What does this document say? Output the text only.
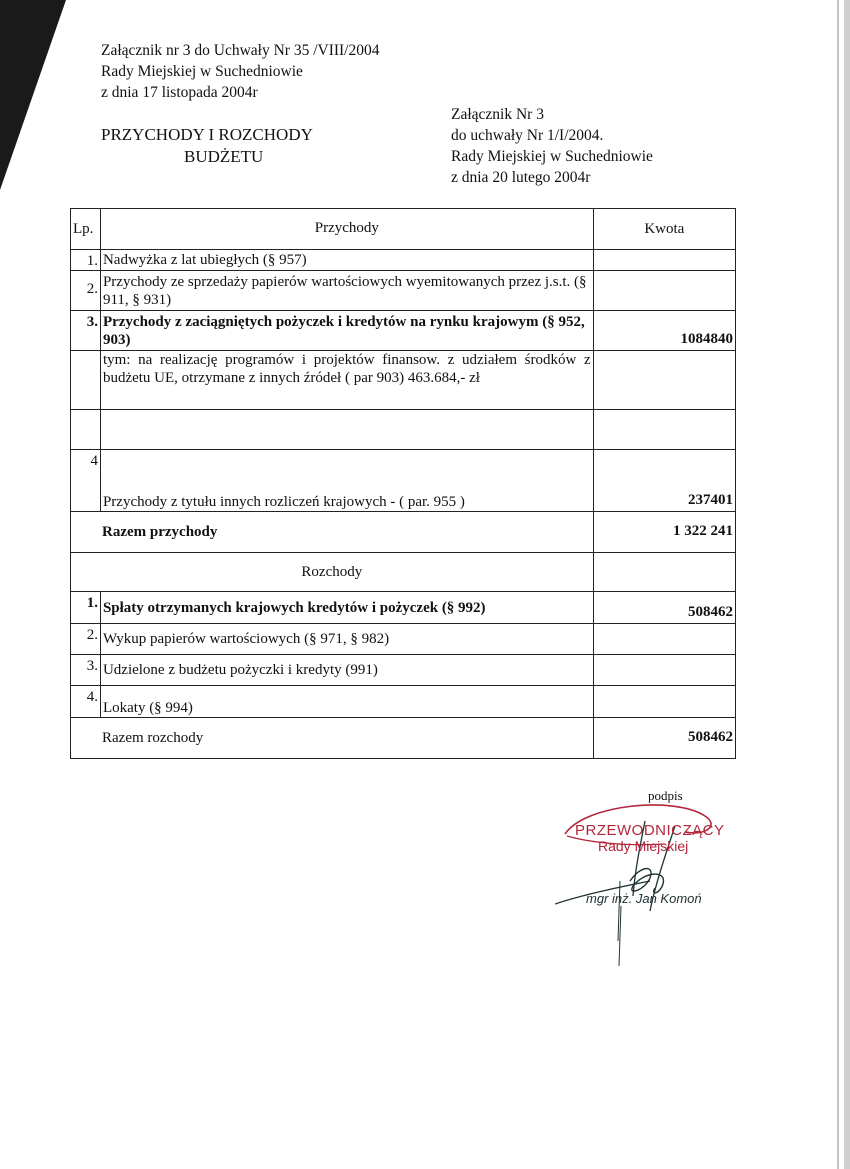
Załącznik nr 3 do Uchwały Nr 35 /VIII/2004
Rady Miejskiej w Suchedniowie
z dnia 17 listopada 2004r
Załącznik Nr 3
do uchwały Nr 1/I/2004.
Rady Miejskiej w Suchedniowie
z dnia 20 lutego 2004r
PRZYCHODY I ROZCHODY
BUDŻETU
Lp.	Przychody	Kwota
1.	Nadwyżka z lat ubiegłych (§ 957)	
2.	Przychody ze sprzedaży papierów wartościowych wyemitowanych przez j.s.t. (§ 911, § 931)	
3.	Przychody z zaciągniętych pożyczek i kredytów na rynku krajowym (§ 952, 903)	1084840
	tym: na realizację programów i projektów finansow. z udziałem środków z budżetu UE, otrzymane z innych źródeł ( par 903) 463.684,- zł	

4	Przychody z tytułu innych rozliczeń krajowych - ( par. 955 )	237401
Razem przychody		1 322 241
Rozchody		
1.	Spłaty otrzymanych krajowych kredytów i pożyczek (§ 992)	508462
2.	Wykup papierów wartościowych (§ 971, § 982)	
3.	Udzielone z budżetu pożyczki i kredyty (991)	
4.	Lokaty (§ 994)	
Razem rozchody		508462
podpis
PRZEWODNICZĄCY
Rady Miejskiej
mgr inż. Jan Komoń
